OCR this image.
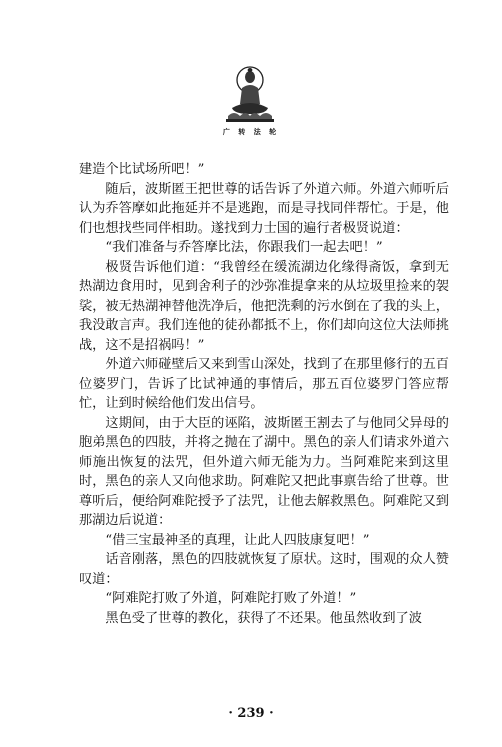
广 转 法 轮

建造个比试场所吧！”

随后，波斯匿王把世尊的话告诉了外道六师。外道六师听后认为乔答摩如此拖延并不是逃跑，而是寻找同伴帮忙。于是，他们也想找些同伴相助。遂找到力士国的遍行者极贤说道：

“我们准备与乔答摩比法，你跟我们一起去吧！”

极贤告诉他们道：“我曾经在缓流湖边化缘得斋饭，拿到无热湖边食用时，见到舍利子的沙弥准提拿来的从垃圾里捡来的袈裟，被无热湖神替他洗净后，他把洗剩的污水倒在了我的头上，我没敢言声。我们连他的徒孙都抵不上，你们却向这位大法师挑战，这不是招祸吗！”

外道六师碰壁后又来到雪山深处，找到了在那里修行的五百位婆罗门，告诉了比试神通的事情后，那五百位婆罗门答应帮忙，让到时候给他们发出信号。

这期间，由于大臣的诬陷，波斯匿王割去了与他同父异母的胞弟黑色的四肢，并将之抛在了湖中。黑色的亲人们请求外道六师施出恢复的法咒，但外道六师无能为力。当阿难陀来到这里时，黑色的亲人又向他求助。阿难陀又把此事禀告给了世尊。世尊听后，便给阿难陀授予了法咒，让他去解救黑色。阿难陀又到那湖边后说道：

“借三宝最神圣的真理，让此人四肢康复吧！”

话音刚落，黑色的四肢就恢复了原状。这时，围观的众人赞叹道：

“阿难陀打败了外道，阿难陀打败了外道！”

黑色受了世尊的教化，获得了不还果。他虽然收到了波

· 239 ·
